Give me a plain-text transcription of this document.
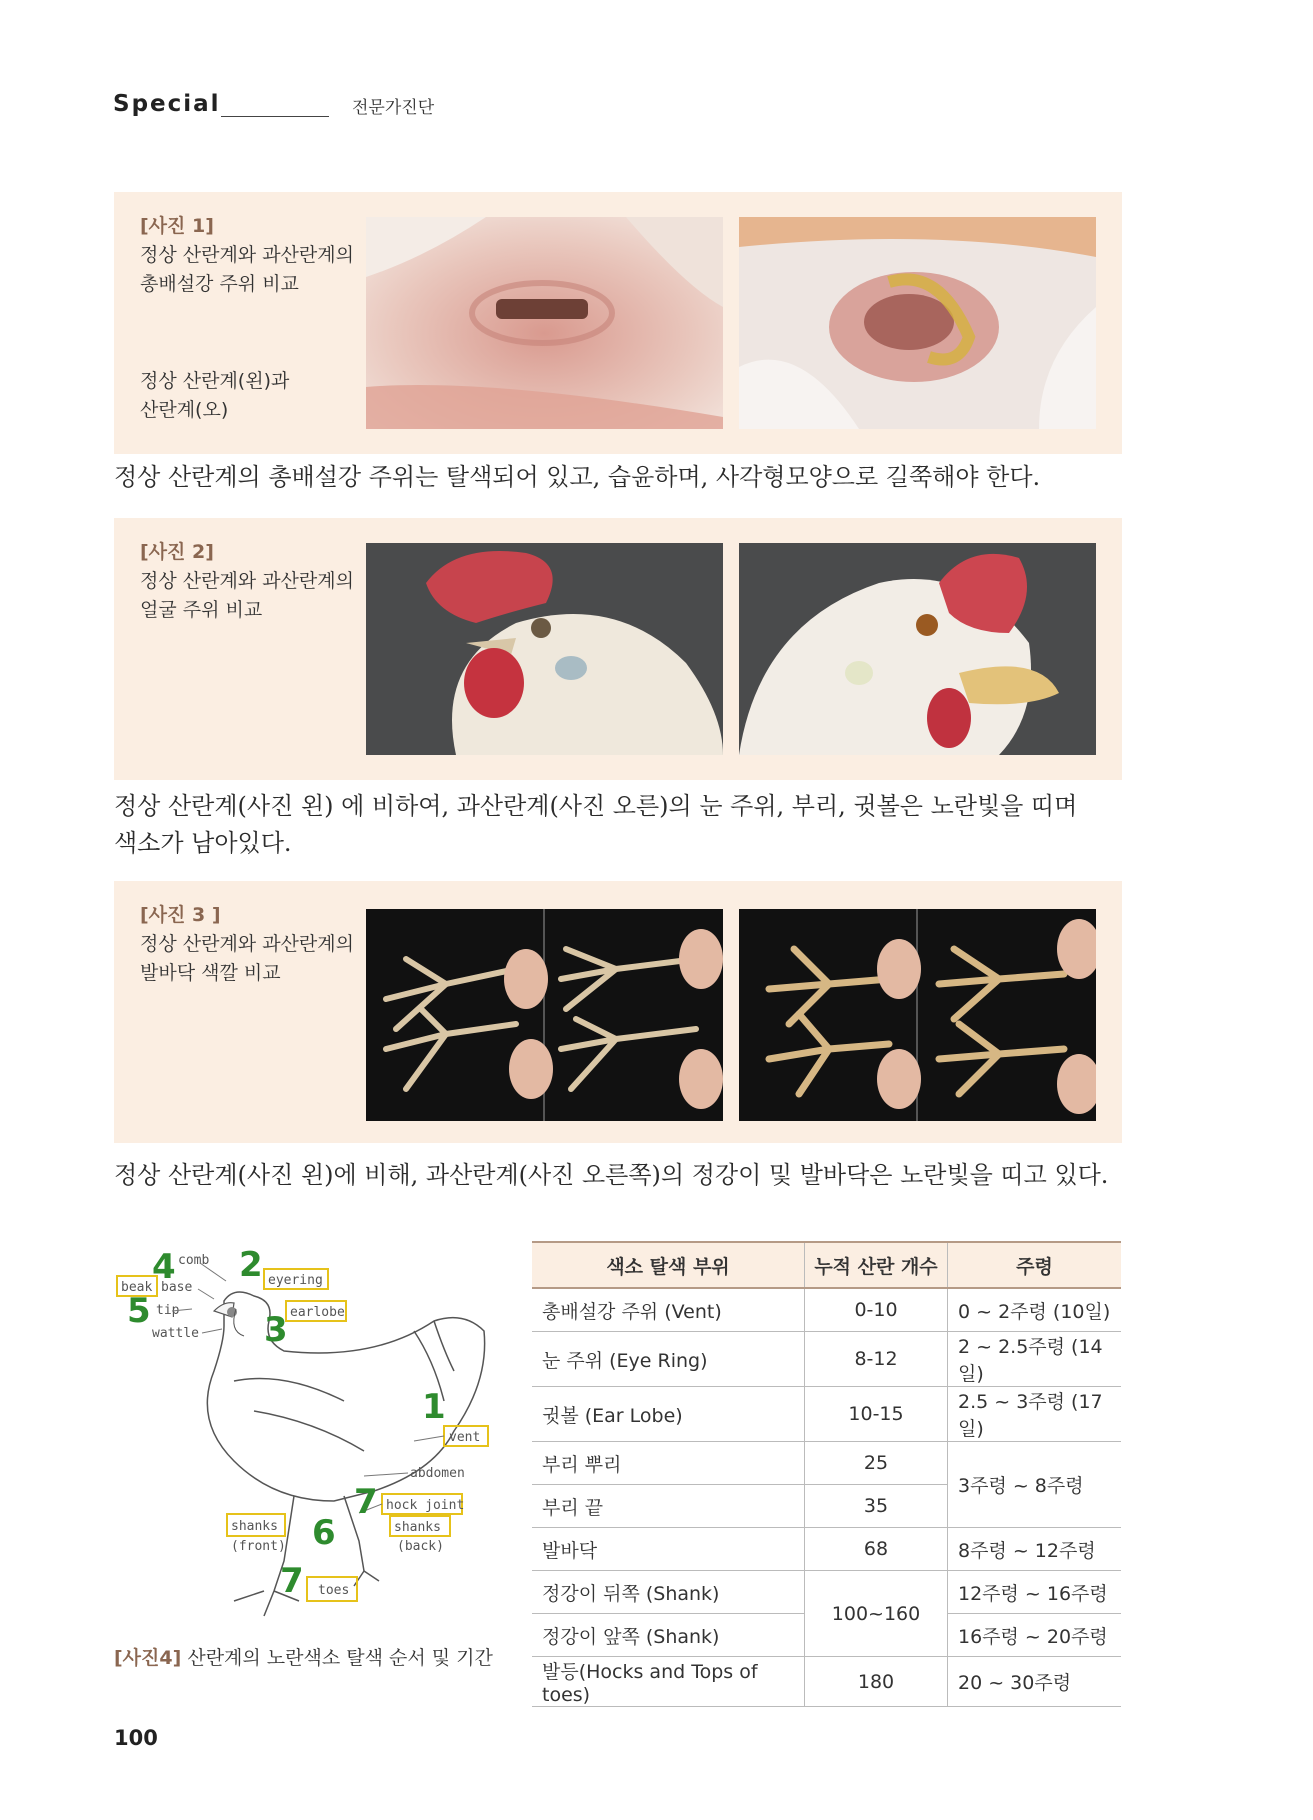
Special	전문가진단
[사진 1]
정상 산란계와 과산란계의
총배설강 주위 비교
정상 산란계(왼)과
산란계(오)
정상 산란계의 총배설강 주위는 탈색되어 있고, 습윤하며, 사각형모양으로 길쭉해야 한다.
[사진 2]
정상 산란계와 과산란계의
얼굴 주위 비교
정상 산란계(사진 왼) 에 비하여, 과산란계(사진 오른)의 눈 주위, 부리, 귓볼은 노란빛을 띠며
색소가 남아있다.
[사진 3 ]
정상 산란계와 과산란계의
발바닥 색깔 비교
정상 산란계(사진 왼)에 비해, 과산란계(사진 오른쪽)의 정강이 및 발바닥은 노란빛을 띠고 있다.
comb
beak base
tip
wattle
eyering
earlobe
vent
abdomen
hock joint
shanks
(back)
shanks
(front)
toes
4 2
5	3
1
7
6
7
[사진4] 산란계의 노란색소 탈색 순서 및 기간
색소 탈색 부위	누적 산란 개수	주령
총배설강 주위 (Vent)	0-10	0 ~ 2주령 (10일)
눈 주위 (Eye Ring)	8-12	2 ~ 2.5주령 (14일)
귓볼 (Ear Lobe)	10-15	2.5 ~ 3주령 (17일)
부리 뿌리	25	3주령 ~ 8주령
부리 끝	35	
발바닥	68	8주령 ~ 12주령
정강이 뒤쪽 (Shank)	100~160	12주령 ~ 16주령
정강이 앞쪽 (Shank)		16주령 ~ 20주령
발등(Hocks and Tops of toes)	180	20 ~ 30주령
100
